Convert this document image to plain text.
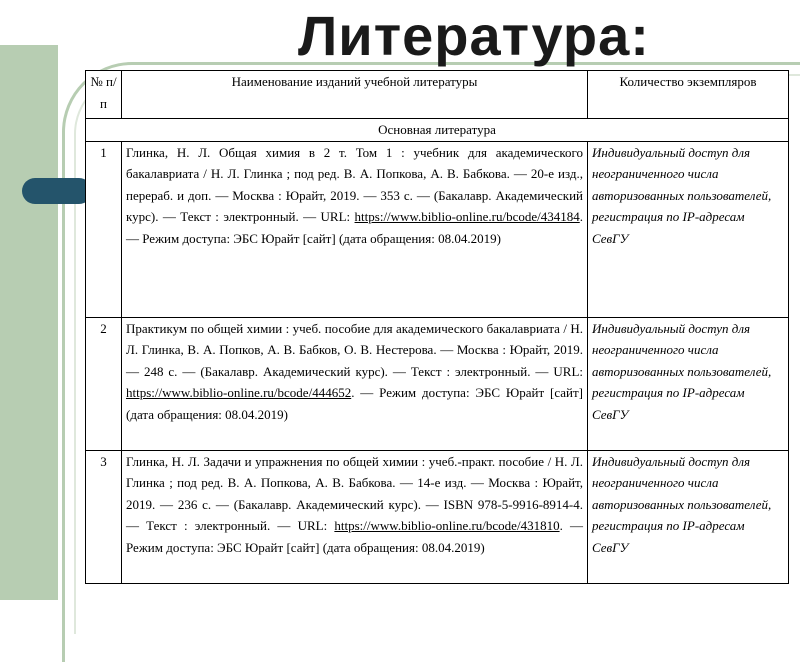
Литература:
№ п/п	Наименование изданий учебной литературы	Количество экземпляров
Основная литература		
1	Глинка, Н. Л. Общая химия в 2 т. Том 1 : учебник для академического бакалавриата / Н. Л. Глинка ; под ред. В. А. Попкова, А. В. Бабкова. — 20-е изд., перераб. и доп. — Москва : Юрайт, 2019. — 353 с. — (Бакалавр. Академический курс). — Текст : электронный. — URL: https://www.biblio-online.ru/bcode/434184. — Режим доступа: ЭБС Юрайт [сайт] (дата обращения: 08.04.2019)	Индивидуальный доступ для неограниченного числа авторизованных пользователей, регистрация по IP-адресам СевГУ
2	Практикум по общей химии : учеб. пособие для академического бакалавриата / Н. Л. Глинка, В. А. Попков, А. В. Бабков, О. В. Нестерова. — Москва : Юрайт, 2019. — 248 с. — (Бакалавр. Академический курс). — Текст : электронный. — URL: https://www.biblio-online.ru/bcode/444652. — Режим доступа: ЭБС Юрайт [сайт] (дата обращения: 08.04.2019)	Индивидуальный доступ для неограниченного числа авторизованных пользователей, регистрация по IP-адресам СевГУ
3	Глинка, Н. Л. Задачи и упражнения по общей химии : учеб.-практ. пособие / Н. Л. Глинка ; под ред. В. А. Попкова, А. В. Бабкова. — 14-е изд. — Москва : Юрайт, 2019. — 236 с. — (Бакалавр. Академический курс). — ISBN 978-5-9916-8914-4. — Текст : электронный. — URL: https://www.biblio-online.ru/bcode/431810. — Режим доступа: ЭБС Юрайт [сайт] (дата обращения: 08.04.2019)	Индивидуальный доступ для неограниченного числа авторизованных пользователей, регистрация по IP-адресам СевГУ
